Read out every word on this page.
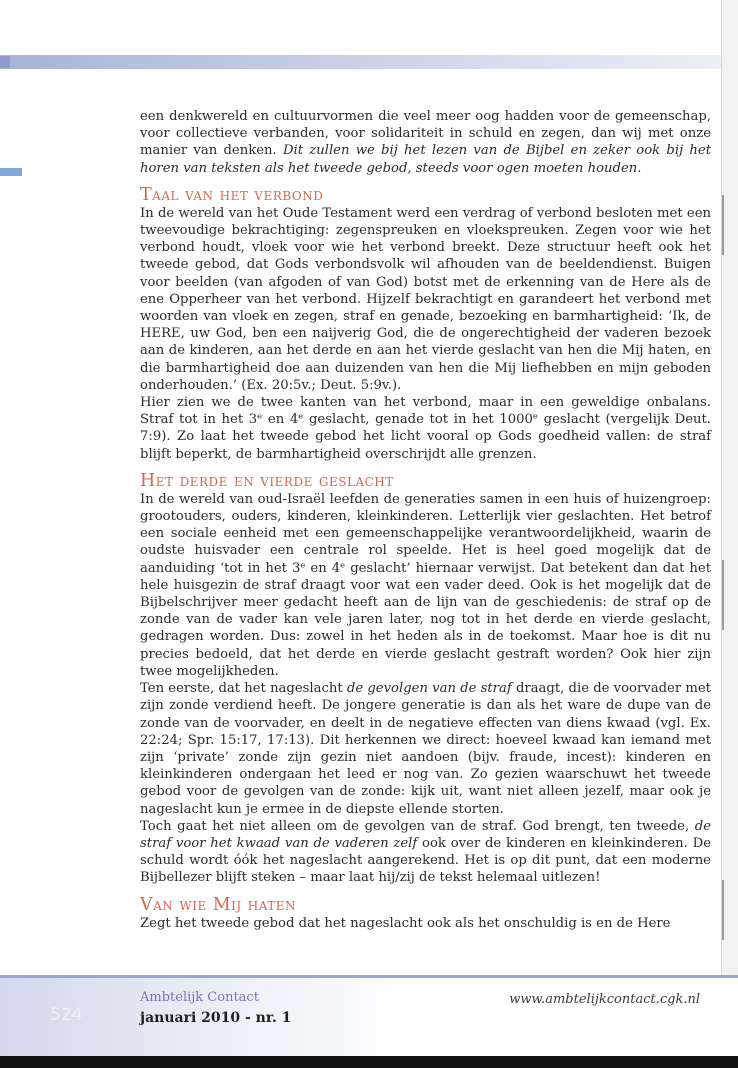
een denkwereld en cultuurvormen die veel meer oog hadden voor de gemeenschap, voor collectieve verbanden, voor solidariteit in schuld en zegen, dan wij met onze manier van denken. Dit zullen we bij het lezen van de Bijbel en zeker ook bij het horen van teksten als het tweede gebod, steeds voor ogen moeten houden.

Taal van het verbond

In de wereld van het Oude Testament werd een verdrag of verbond besloten met een tweevoudige bekrachtiging: zegenspreuken en vloekspreuken. Zegen voor wie het verbond houdt, vloek voor wie het verbond breekt. Deze structuur heeft ook het tweede gebod, dat Gods verbondsvolk wil afhouden van de beeldendienst. Buigen voor beelden (van afgoden of van God) botst met de erkenning van de Here als de ene Opperheer van het verbond. Hijzelf bekrachtigt en garandeert het verbond met woorden van vloek en zegen, straf en genade, bezoeking en barmhartigheid: ‘Ik, de HERE, uw God, ben een naijverig God, die de ongerechtigheid der vaderen bezoek aan de kinderen, aan het derde en aan het vierde geslacht van hen die Mij haten, en die barmhartigheid doe aan duizenden van hen die Mij liefhebben en mijn geboden onderhouden.’ (Ex. 20:5v.; Deut. 5:9v.).

Hier zien we de twee kanten van het verbond, maar in een geweldige onbalans. Straf tot in het 3ᵉ en 4ᵉ geslacht, genade tot in het 1000ᵉ geslacht (vergelijk Deut. 7:9). Zo laat het tweede gebod het licht vooral op Gods goedheid vallen: de straf blijft beperkt, de barmhartigheid overschrijdt alle grenzen.

Het derde en vierde geslacht

In de wereld van oud-Israël leefden de generaties samen in een huis of huizengroep: grootouders, ouders, kinderen, kleinkinderen. Letterlijk vier geslachten. Het betrof een sociale eenheid met een gemeenschappelijke verantwoordelijkheid, waarin de oudste huisvader een centrale rol speelde. Het is heel goed mogelijk dat de aanduiding ‘tot in het 3ᵉ en 4ᵉ geslacht’ hiernaar verwijst. Dat betekent dan dat het hele huisgezin de straf draagt voor wat een vader deed. Ook is het mogelijk dat de Bijbelschrijver meer gedacht heeft aan de lijn van de geschiedenis: de straf op de zonde van de vader kan vele jaren later, nog tot in het derde en vierde geslacht, gedragen worden. Dus: zowel in het heden als in de toekomst. Maar hoe is dit nu precies bedoeld, dat het derde en vierde geslacht gestraft worden? Ook hier zijn twee mogelijkheden.

Ten eerste, dat het nageslacht de gevolgen van de straf draagt, die de voorvader met zijn zonde verdiend heeft. De jongere generatie is dan als het ware de dupe van de zonde van de voorvader, en deelt in de negatieve effecten van diens kwaad (vgl. Ex. 22:24; Spr. 15:17, 17:13). Dit herkennen we direct: hoeveel kwaad kan iemand met zijn ‘private’ zonde zijn gezin niet aandoen (bijv. fraude, incest): kinderen en kleinkinderen ondergaan het leed er nog van. Zo gezien waarschuwt het tweede gebod voor de gevolgen van de zonde: kijk uit, want niet alleen jezelf, maar ook je nageslacht kun je ermee in de diepste ellende storten.

Toch gaat het niet alleen om de gevolgen van de straf. God brengt, ten tweede, de straf voor het kwaad van de vaderen zelf ook over de kinderen en kleinkinderen. De schuld wordt óók het nageslacht aangerekend. Het is op dit punt, dat een moderne Bijbellezer blijft steken – maar laat hij/zij de tekst helemaal uitlezen!

Van wie Mij haten

Zegt het tweede gebod dat het nageslacht ook als het onschuldig is en de Here

524
Ambtelijk Contact
januari 2010 - nr. 1
www.ambtelijkcontact.cgk.nl
